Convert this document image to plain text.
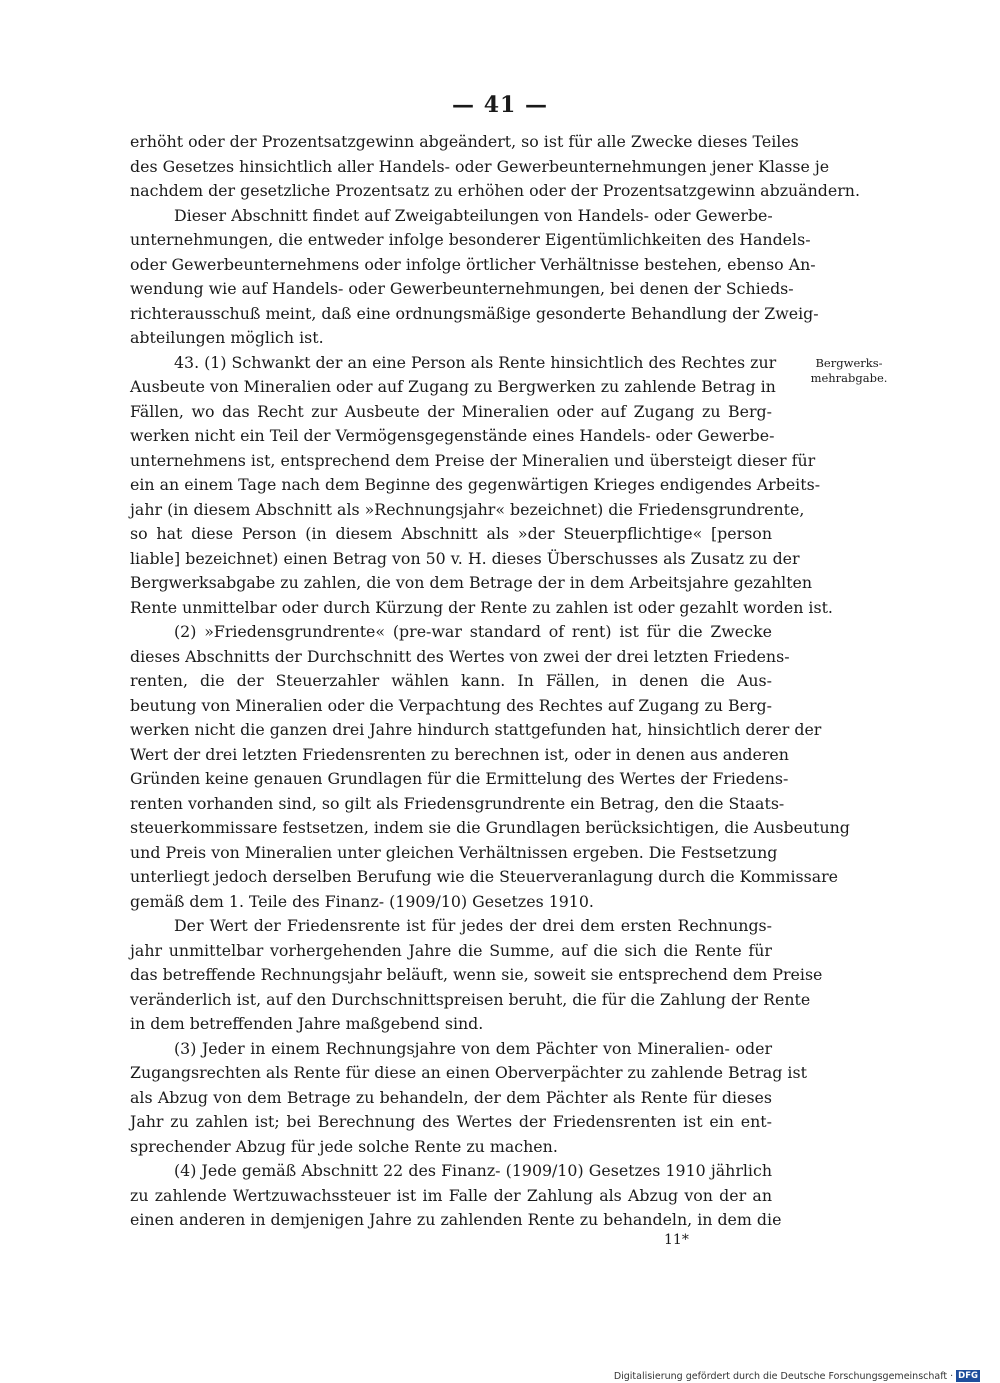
— 41 —
Bergwerks-
mehrabgabe.
erhöht oder der Prozentsatzgewinn abgeändert, so ist für alle Zwecke dieses Teiles
des Gesetzes hinsichtlich aller Handels- oder Gewerbeunternehmungen jener Klasse je
nachdem der gesetzliche Prozentsatz zu erhöhen oder der Prozentsatzgewinn abzuändern.
Dieser Abschnitt findet auf Zweigabteilungen von Handels- oder Gewerbe-
unternehmungen, die entweder infolge besonderer Eigentümlichkeiten des Handels-
oder Gewerbeunternehmens oder infolge örtlicher Verhältnisse bestehen, ebenso An-
wendung wie auf Handels- oder Gewerbeunternehmungen, bei denen der Schieds-
richterausschuß meint, daß eine ordnungsmäßige gesonderte Behandlung der Zweig-
abteilungen möglich ist.
43. (1) Schwankt der an eine Person als Rente hinsichtlich des Rechtes zur
Ausbeute von Mineralien oder auf Zugang zu Bergwerken zu zahlende Betrag in
Fällen, wo das Recht zur Ausbeute der Mineralien oder auf Zugang zu Berg-
werken nicht ein Teil der Vermögensgegenstände eines Handels- oder Gewerbe-
unternehmens ist, entsprechend dem Preise der Mineralien und übersteigt dieser für
ein an einem Tage nach dem Beginne des gegenwärtigen Krieges endigendes Arbeits-
jahr (in diesem Abschnitt als »Rechnungsjahr« bezeichnet) die Friedensgrundrente,
so hat diese Person (in diesem Abschnitt als »der Steuerpflichtige« [person
liable] bezeichnet) einen Betrag von 50 v. H. dieses Überschusses als Zusatz zu der
Bergwerksabgabe zu zahlen, die von dem Betrage der in dem Arbeitsjahre gezahlten
Rente unmittelbar oder durch Kürzung der Rente zu zahlen ist oder gezahlt worden ist.
(2) »Friedensgrundrente« (pre-war standard of rent) ist für die Zwecke
dieses Abschnitts der Durchschnitt des Wertes von zwei der drei letzten Friedens-
renten, die der Steuerzahler wählen kann. In Fällen, in denen die Aus-
beutung von Mineralien oder die Verpachtung des Rechtes auf Zugang zu Berg-
werken nicht die ganzen drei Jahre hindurch stattgefunden hat, hinsichtlich derer der
Wert der drei letzten Friedensrenten zu berechnen ist, oder in denen aus anderen
Gründen keine genauen Grundlagen für die Ermittelung des Wertes der Friedens-
renten vorhanden sind, so gilt als Friedensgrundrente ein Betrag, den die Staats-
steuerkommissare festsetzen, indem sie die Grundlagen berücksichtigen, die Ausbeutung
und Preis von Mineralien unter gleichen Verhältnissen ergeben. Die Festsetzung
unterliegt jedoch derselben Berufung wie die Steuerveranlagung durch die Kommissare
gemäß dem 1. Teile des Finanz- (1909/10) Gesetzes 1910.
Der Wert der Friedensrente ist für jedes der drei dem ersten Rechnungs-
jahr unmittelbar vorhergehenden Jahre die Summe, auf die sich die Rente für
das betreffende Rechnungsjahr beläuft, wenn sie, soweit sie entsprechend dem Preise
veränderlich ist, auf den Durchschnittspreisen beruht, die für die Zahlung der Rente
in dem betreffenden Jahre maßgebend sind.
(3) Jeder in einem Rechnungsjahre von dem Pächter von Mineralien- oder
Zugangsrechten als Rente für diese an einen Oberverpächter zu zahlende Betrag ist
als Abzug von dem Betrage zu behandeln, der dem Pächter als Rente für dieses
Jahr zu zahlen ist; bei Berechnung des Wertes der Friedensrenten ist ein ent-
sprechender Abzug für jede solche Rente zu machen.
(4) Jede gemäß Abschnitt 22 des Finanz- (1909/10) Gesetzes 1910 jährlich
zu zahlende Wertzuwachssteuer ist im Falle der Zahlung als Abzug von der an
einen anderen in demjenigen Jahre zu zahlenden Rente zu behandeln, in dem die
11*
Digitalisierung gefördert durch die Deutsche Forschungsgemeinschaft · DFG
